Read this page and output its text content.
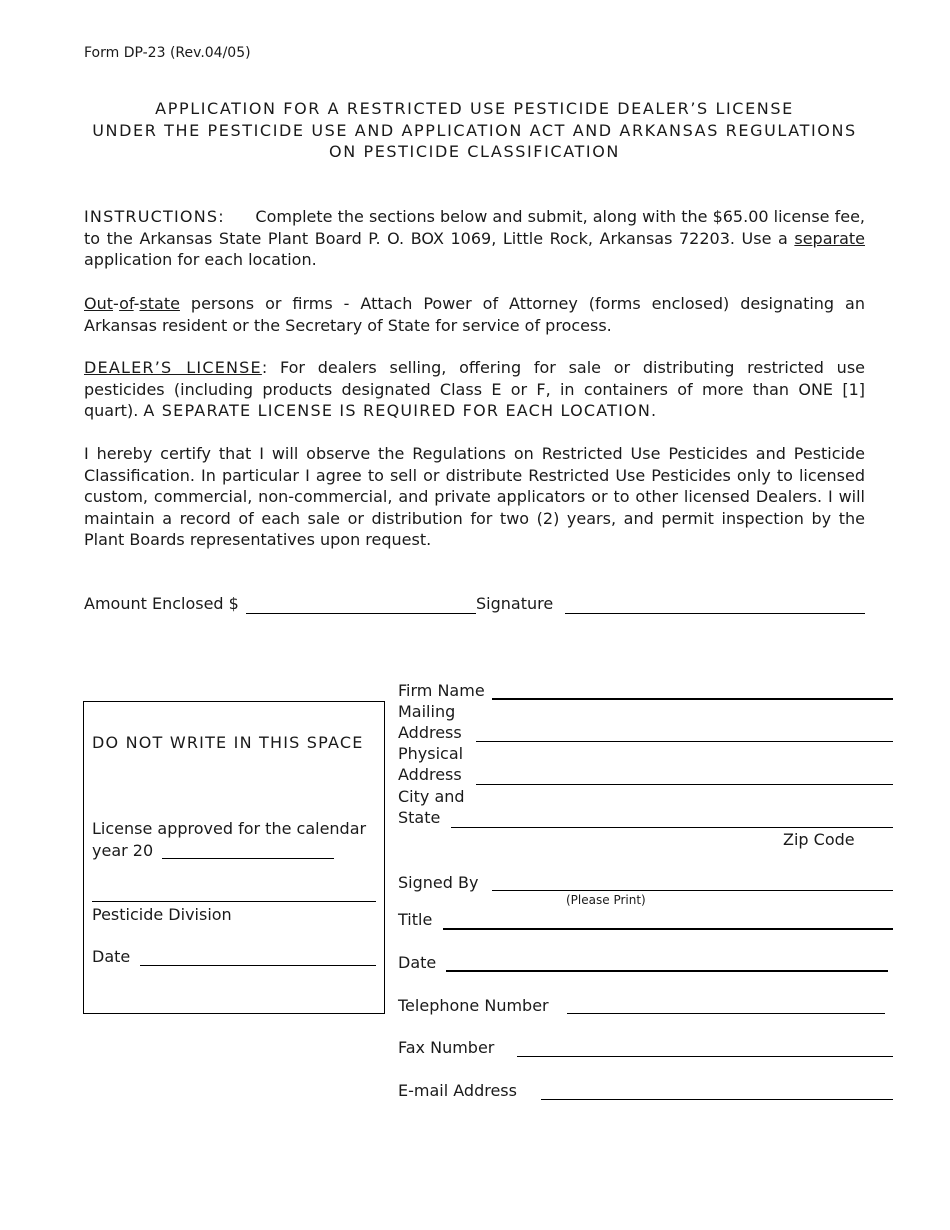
Form DP-23 (Rev.04/05)
APPLICATION FOR A RESTRICTED USE PESTICIDE DEALER’S LICENSE
UNDER THE PESTICIDE USE AND APPLICATION ACT AND ARKANSAS REGULATIONS
ON PESTICIDE CLASSIFICATION
INSTRUCTIONS: Complete the sections below and submit, along with the $65.00 license fee, to the Arkansas State Plant Board P. O. BOX 1069, Little Rock, Arkansas 72203. Use a separate application for each location.
Out-of-state persons or firms - Attach Power of Attorney (forms enclosed) designating an Arkansas resident or the Secretary of State for service of process.
DEALER’S LICENSE: For dealers selling, offering for sale or distributing restricted use pesticides (including products designated Class E or F, in containers of more than ONE [1] quart). A SEPARATE LICENSE IS REQUIRED FOR EACH LOCATION.
I hereby certify that I will observe the Regulations on Restricted Use Pesticides and Pesticide Classification. In particular I agree to sell or distribute Restricted Use Pesticides only to licensed custom, commercial, non-commercial, and private applicators or to other licensed Dealers. I will maintain a record of each sale or distribution for two (2) years, and permit inspection by the Plant Boards representatives upon request.
Amount Enclosed $	Signature
DO NOT WRITE IN THIS SPACE
License approved for the calendar
year 20
Pesticide Division
Date
Firm Name
Mailing
Address
Physical
Address
City and
State
Zip Code
Signed By
(Please Print)
Title
Date
Telephone Number
Fax Number
E-mail Address
